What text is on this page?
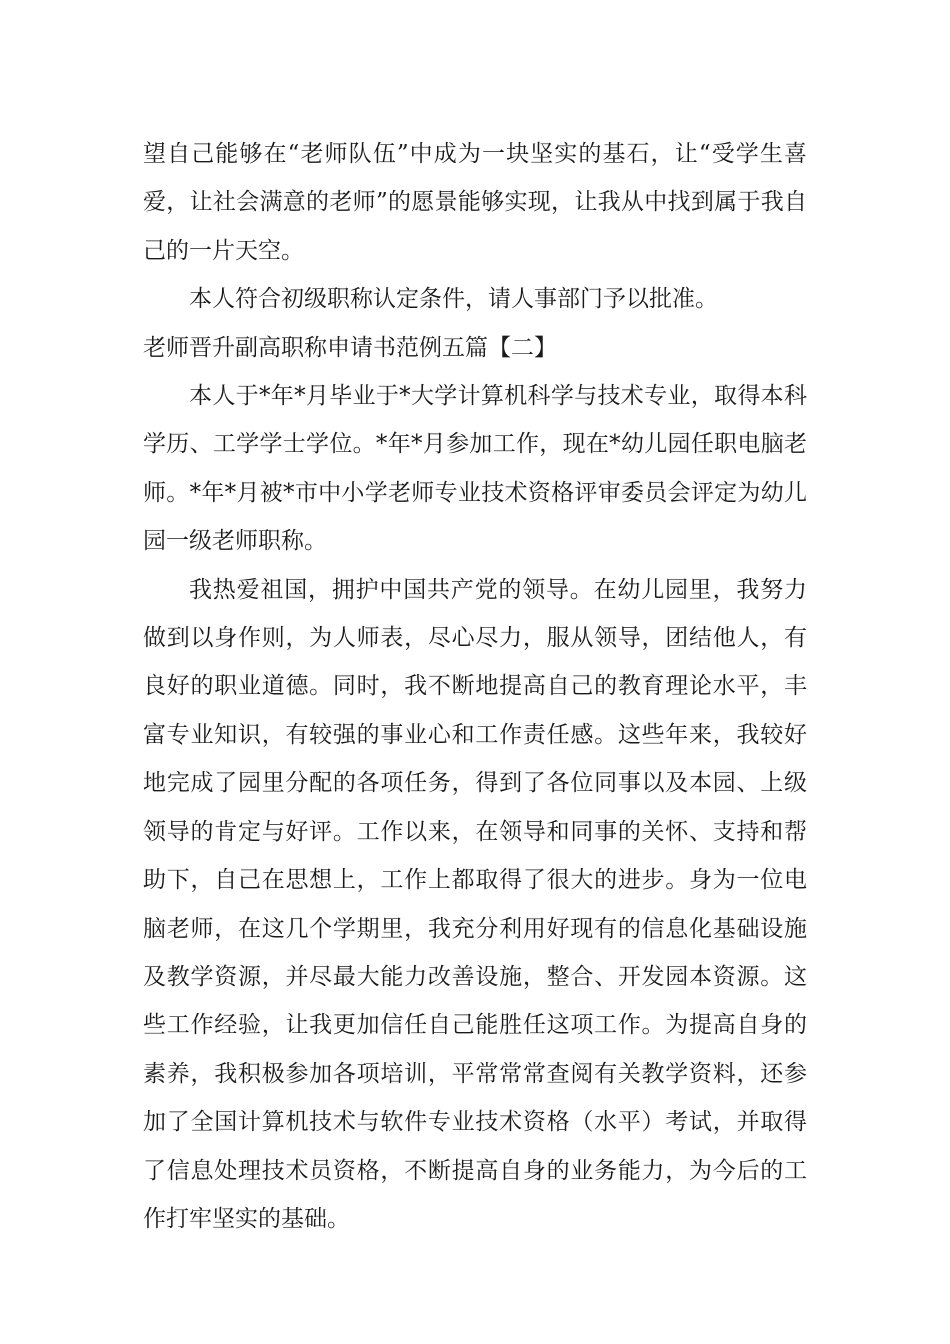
望自己能够在“老师队伍”中成为一块坚实的基石，让“受学生喜爱，让社会满意的老师”的愿景能够实现，让我从中找到属于我自己的一片天空。

本人符合初级职称认定条件，请人事部门予以批准。

老师晋升副高职称申请书范例五篇【二】

本人于*年*月毕业于*大学计算机科学与技术专业，取得本科学历、工学学士学位。*年*月参加工作，现在*幼儿园任职电脑老师。*年*月被*市中小学老师专业技术资格评审委员会评定为幼儿园一级老师职称。

我热爱祖国，拥护中国共产党的领导。在幼儿园里，我努力做到以身作则，为人师表，尽心尽力，服从领导，团结他人，有良好的职业道德。同时，我不断地提高自己的教育理论水平，丰富专业知识，有较强的事业心和工作责任感。这些年来，我较好地完成了园里分配的各项任务，得到了各位同事以及本园、上级领导的肯定与好评。工作以来，在领导和同事的关怀、支持和帮助下，自己在思想上，工作上都取得了很大的进步。身为一位电脑老师，在这几个学期里，我充分利用好现有的信息化基础设施及教学资源，并尽最大能力改善设施，整合、开发园本资源。这些工作经验，让我更加信任自己能胜任这项工作。为提高自身的素养，我积极参加各项培训，平常常常查阅有关教学资料，还参加了全国计算机技术与软件专业技术资格（水平）考试，并取得了信息处理技术员资格，不断提高自身的业务能力，为今后的工作打牢坚实的基础。
